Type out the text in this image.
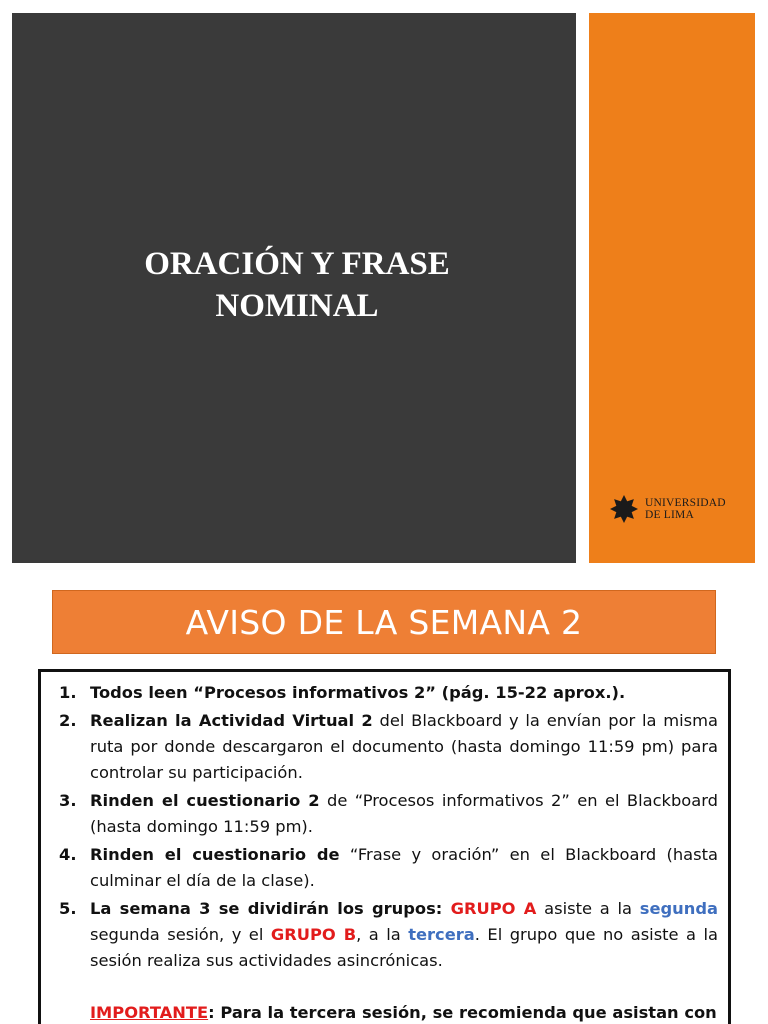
ORACIÓN Y FRASE
NOMINAL
UNIVERSIDAD
DE LIMA
AVISO DE LA SEMANA 2
1. Todos leen “Procesos informativos 2” (pág. 15-22 aprox.).
2. Realizan la Actividad Virtual 2 del Blackboard y la envían por la misma ruta por donde descargaron el documento (hasta domingo 11:59 pm) para controlar su participación.
3. Rinden el cuestionario 2 de “Procesos informativos 2” en el Blackboard (hasta domingo 11:59 pm).
4. Rinden el cuestionario de “Frase y oración” en el Blackboard (hasta culminar el día de la clase).
5. La semana 3 se dividirán los grupos: GRUPO A asiste a la segunda segunda sesión, y el GRUPO B, a la tercera. El grupo que no asiste a la sesión realiza sus actividades asincrónicas.
IMPORTANTE: Para la tercera sesión, se recomienda que asistan con
